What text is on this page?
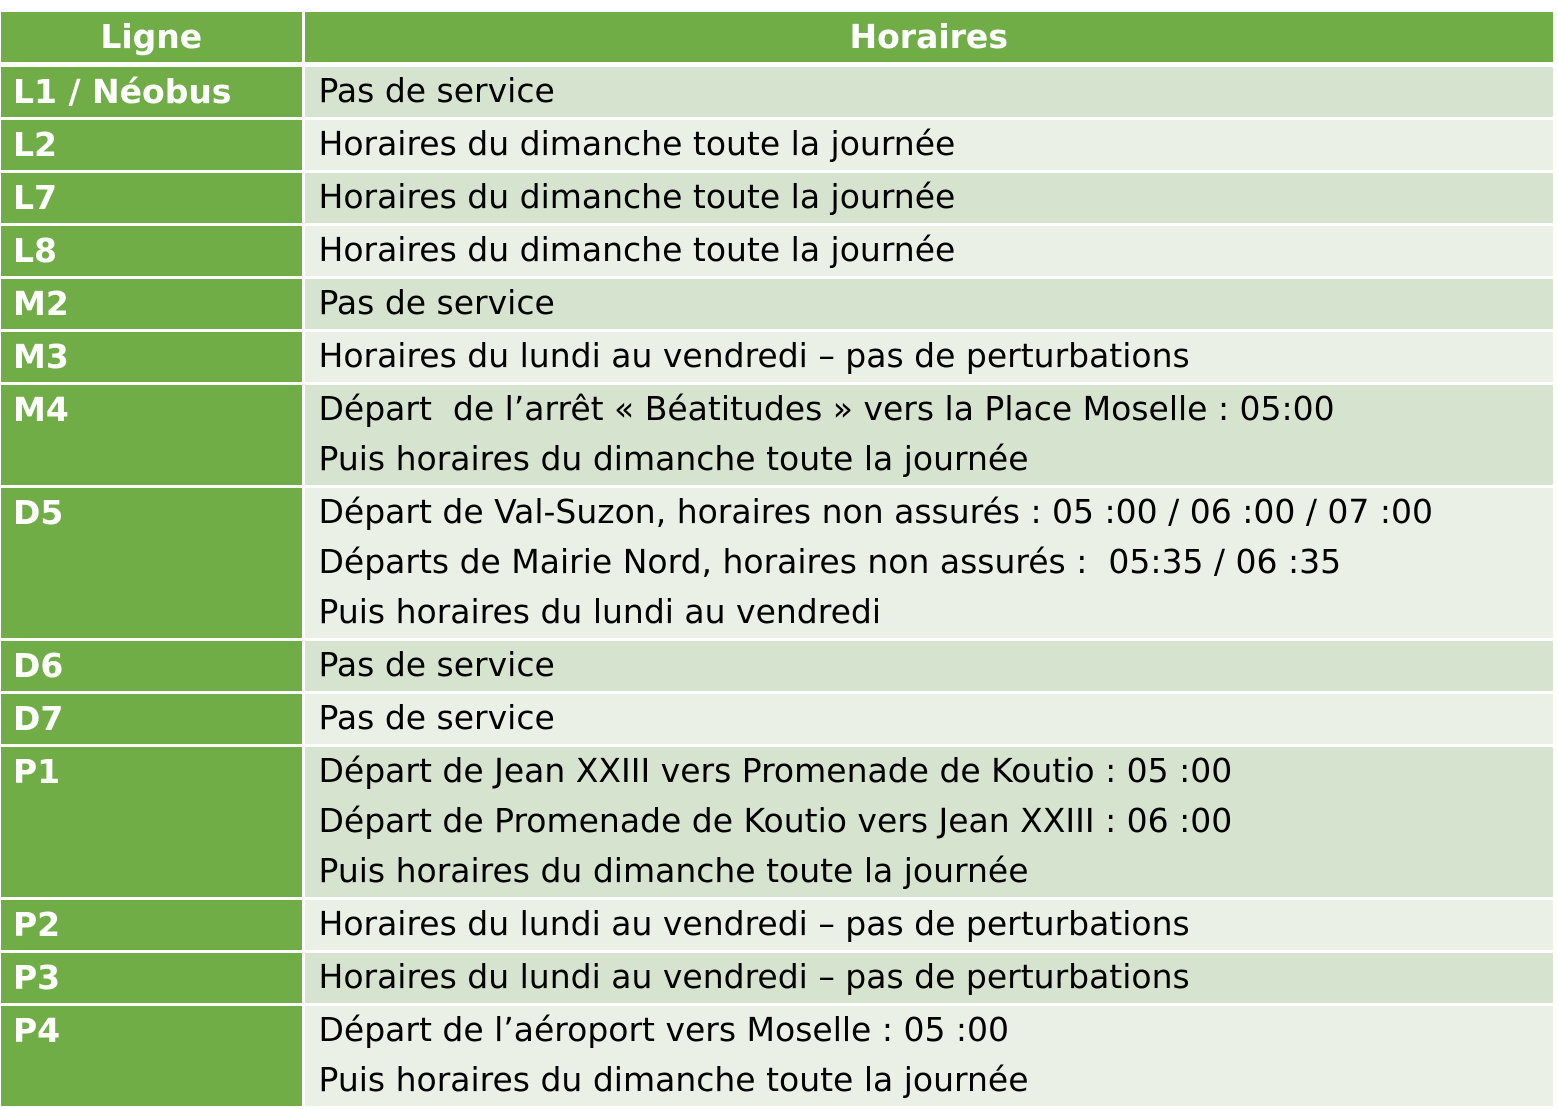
Ligne	Horaires
L1 / Néobus	Pas de service

L2	Horaires du dimanche toute la journée

L7	Horaires du dimanche toute la journée

L8	Horaires du dimanche toute la journée

M2	Pas de service

M3	Horaires du lundi au vendredi – pas de perturbations

M4	Départ  de l’arrêt « Béatitudes » vers la Place Moselle : 05:00
Puis horaires du dimanche toute la journée

D5	Départ de Val-Suzon, horaires non assurés : 05 :00 / 06 :00 / 07 :00
Départs de Mairie Nord, horaires non assurés :  05:35 / 06 :35
Puis horaires du lundi au vendredi

D6	Pas de service

D7	Pas de service

P1	Départ de Jean XXIII vers Promenade de Koutio : 05 :00
Départ de Promenade de Koutio vers Jean XXIII : 06 :00
Puis horaires du dimanche toute la journée

P2	Horaires du lundi au vendredi – pas de perturbations

P3	Horaires du lundi au vendredi – pas de perturbations

P4	Départ de l’aéroport vers Moselle : 05 :00
Puis horaires du dimanche toute la journée
